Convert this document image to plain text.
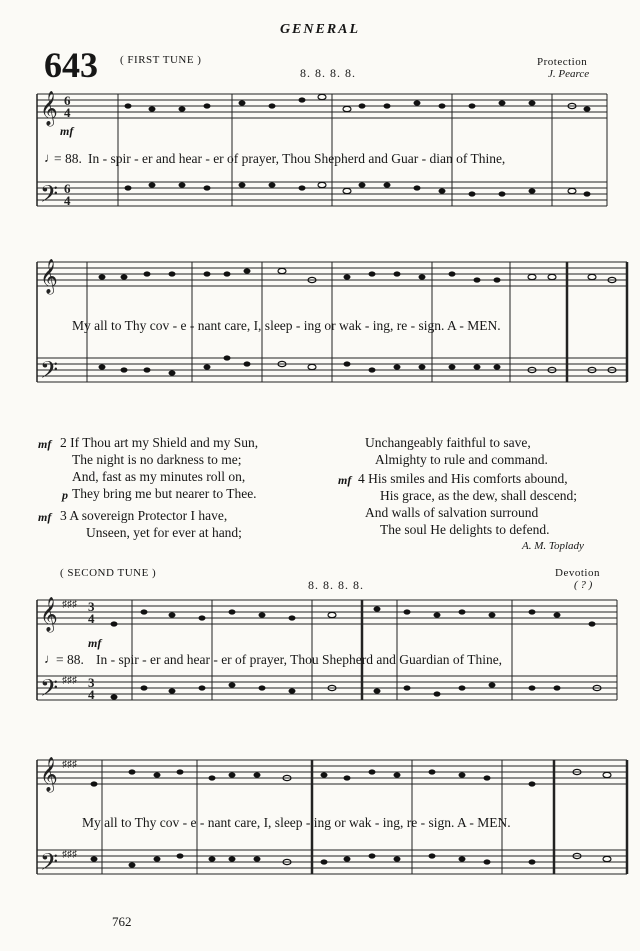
GENERAL
643 ( FIRST TUNE )
8. 8. 8. 8.
Protection
J. Pearce
𝄞
𝄢
6
4
6
4
mf
♩
= 88. In - spir - er and hear - er of prayer, Thou Shepherd and Guar - dian of Thine,
𝄞
𝄢
My all to Thy cov - e - nant care, I, sleep - ing or wak - ing, re - sign. A - MEN.
mf 2 If Thou art my Shield and my Sun,
The night is no darkness to me;
And, fast as my minutes roll on,
p They bring me but nearer to Thee.
mf 3 A sovereign Protector I have,
Unseen, yet for ever at hand;
Unchangeably faithful to save,
Almighty to rule and command.
mf 4 His smiles and His comforts abound,
His grace, as the dew, shall descend;
And walls of salvation surround
The soul He delights to defend.
A. M. Toplady
( SECOND TUNE )
8. 8. 8. 8.
Devotion
( ? )
𝄞
𝄢
♯♯♯
♯♯♯
3
4
3
4
mf
♩ = 88. In - spir - er and hear - er of prayer, Thou Shepherd and Guardian of Thine,
𝄞
𝄢
♯♯♯
♯♯♯
My all to Thy cov - e - nant care, I, sleep - ing or wak - ing, re - sign. A - MEN.
762
